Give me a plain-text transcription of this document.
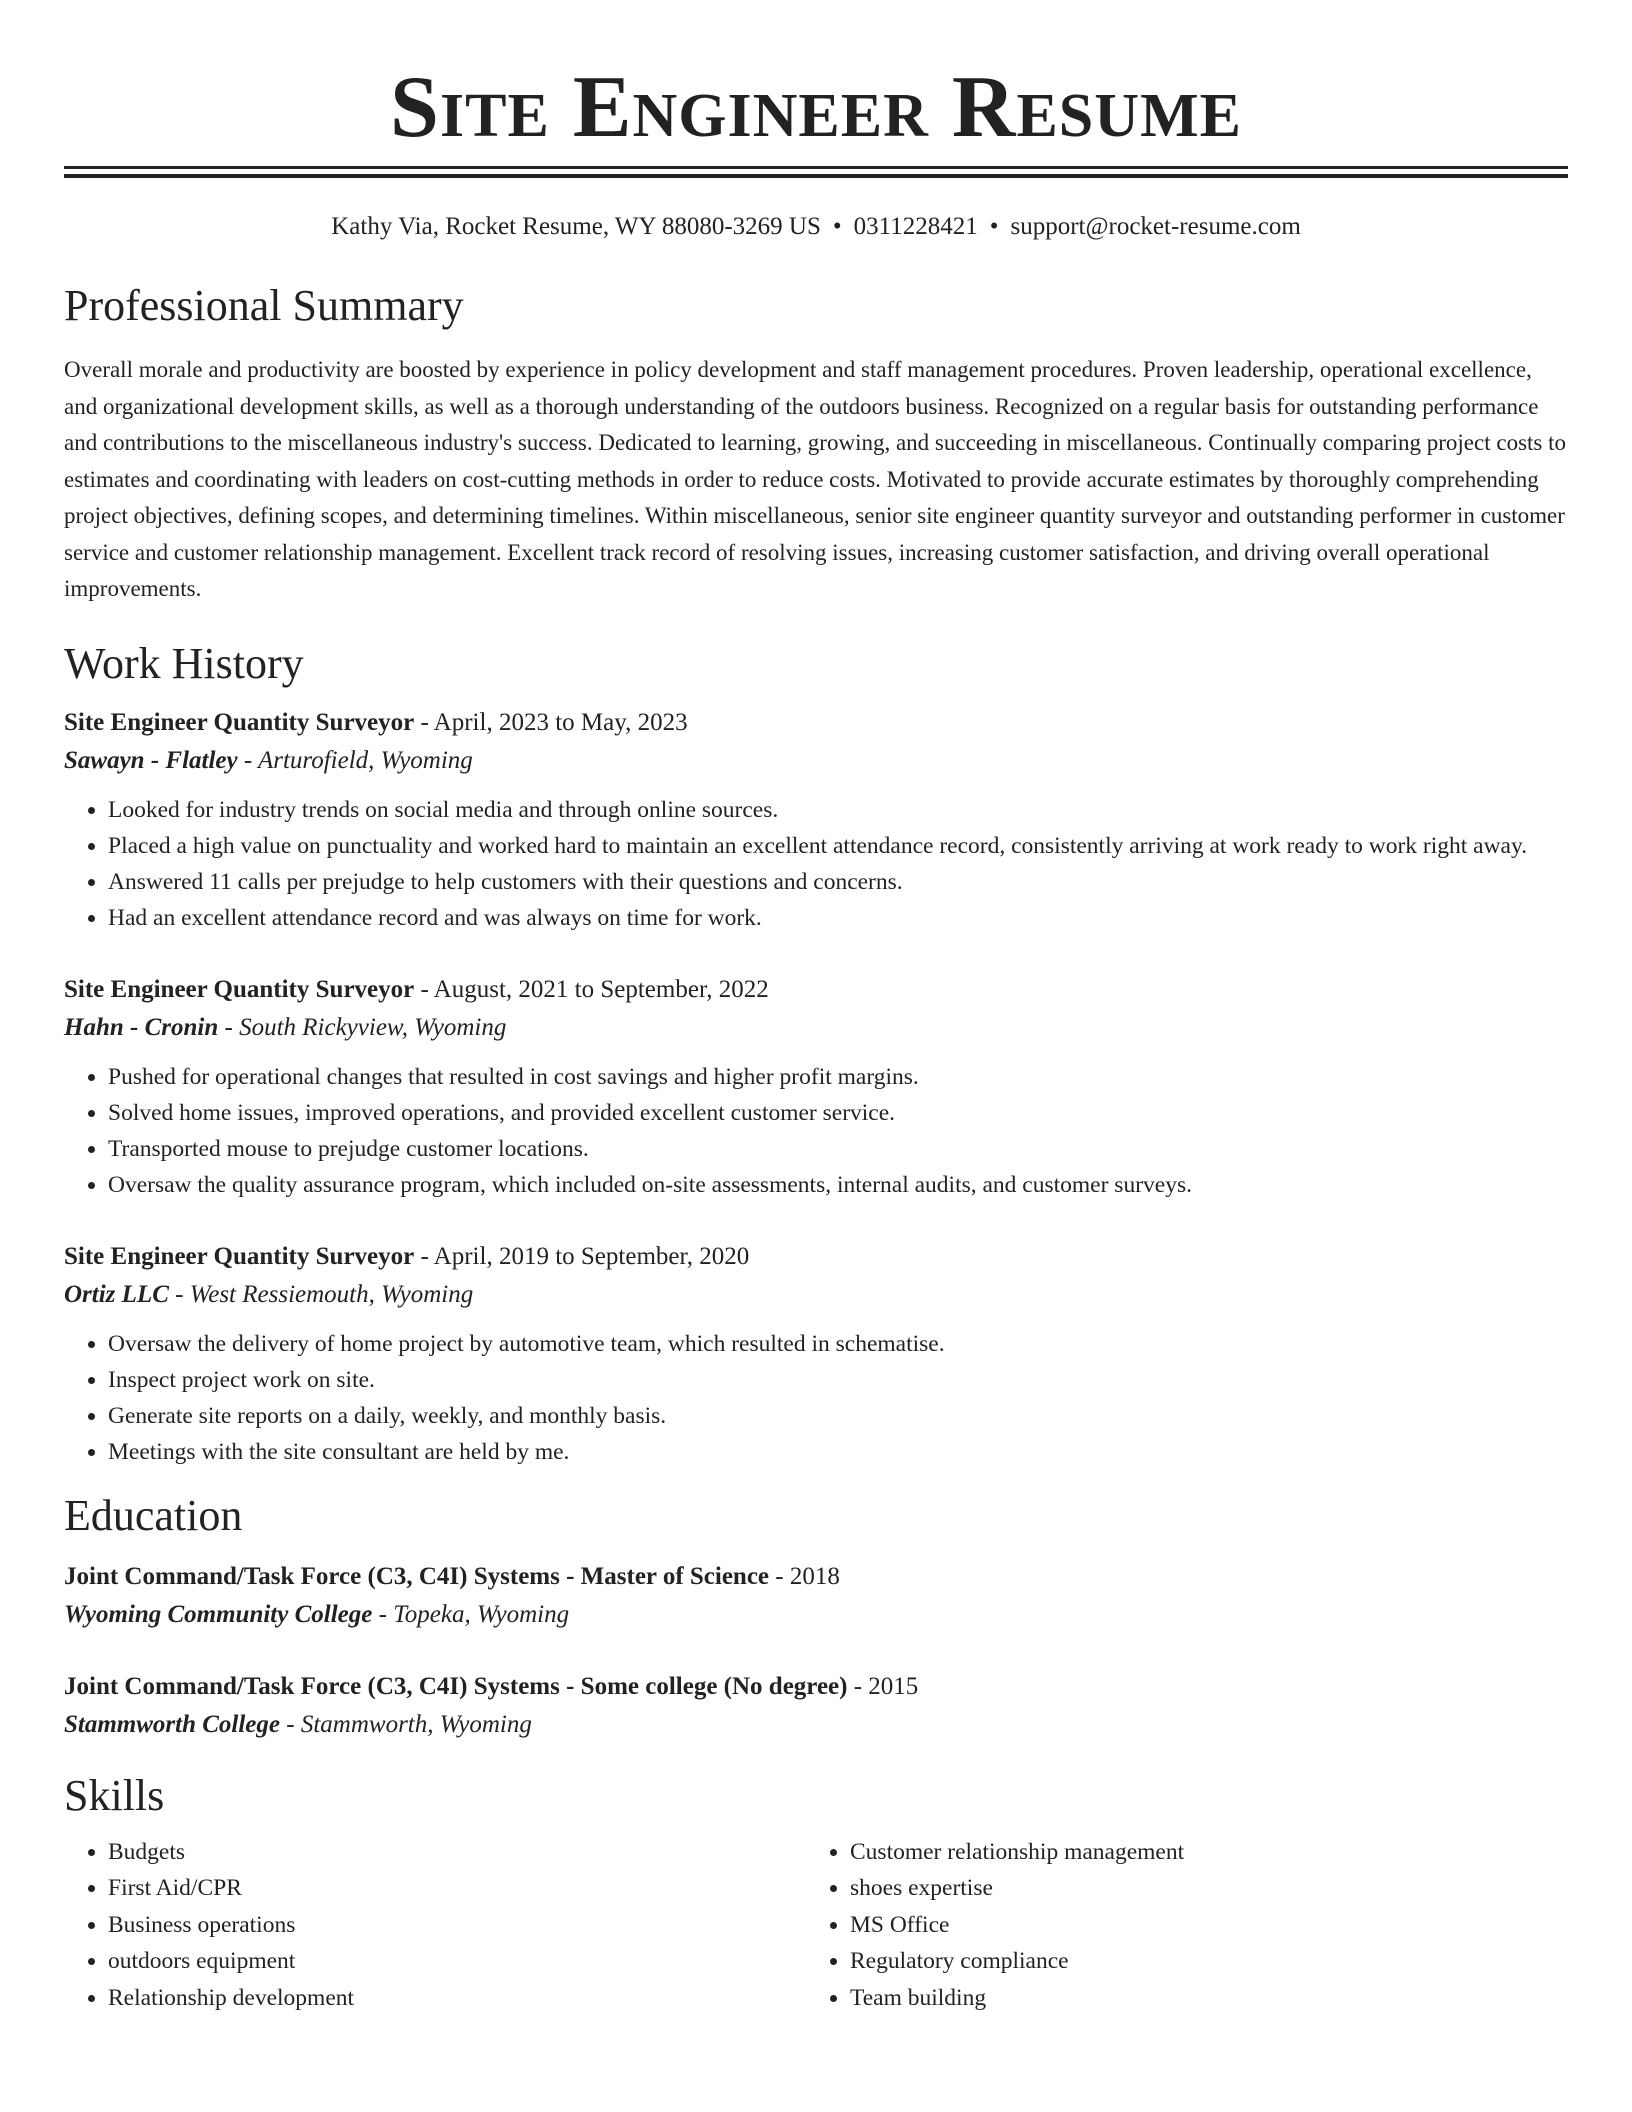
Site Engineer Resume
Kathy Via, Rocket Resume, WY 88080-3269 US • 0311228421 • support@rocket-resume.com
Professional Summary

Overall morale and productivity are boosted by experience in policy development and staff management procedures. Proven leadership, operational excellence, and organizational development skills, as well as a thorough understanding of the outdoors business. Recognized on a regular basis for outstanding performance and contributions to the miscellaneous industry's success. Dedicated to learning, growing, and succeeding in miscellaneous. Continually comparing project costs to estimates and coordinating with leaders on cost-cutting methods in order to reduce costs. Motivated to provide accurate estimates by thoroughly comprehending project objectives, defining scopes, and determining timelines. Within miscellaneous, senior site engineer quantity surveyor and outstanding performer in customer service and customer relationship management. Excellent track record of resolving issues, increasing customer satisfaction, and driving overall operational improvements.

Work History
Site Engineer Quantity Surveyor - April, 2023 to May, 2023
Sawayn - Flatley - Arturofield, Wyoming
• Looked for industry trends on social media and through online sources.
• Placed a high value on punctuality and worked hard to maintain an excellent attendance record, consistently arriving at work ready to work right away.
• Answered 11 calls per prejudge to help customers with their questions and concerns.
• Had an excellent attendance record and was always on time for work.
Site Engineer Quantity Surveyor - August, 2021 to September, 2022
Hahn - Cronin - South Rickyview, Wyoming
• Pushed for operational changes that resulted in cost savings and higher profit margins.
• Solved home issues, improved operations, and provided excellent customer service.
• Transported mouse to prejudge customer locations.
• Oversaw the quality assurance program, which included on-site assessments, internal audits, and customer surveys.
Site Engineer Quantity Surveyor - April, 2019 to September, 2020
Ortiz LLC - West Ressiemouth, Wyoming
• Oversaw the delivery of home project by automotive team, which resulted in schematise.
• Inspect project work on site.
• Generate site reports on a daily, weekly, and monthly basis.
• Meetings with the site consultant are held by me.
Education
Joint Command/Task Force (C3, C4I) Systems - Master of Science - 2018
Wyoming Community College - Topeka, Wyoming
Joint Command/Task Force (C3, C4I) Systems - Some college (No degree) - 2015
Stammworth College - Stammworth, Wyoming
Skills
• Budgets
• First Aid/CPR
• Business operations
• outdoors equipment
• Relationship development
• Customer relationship management
• shoes expertise
• MS Office
• Regulatory compliance
• Team building
